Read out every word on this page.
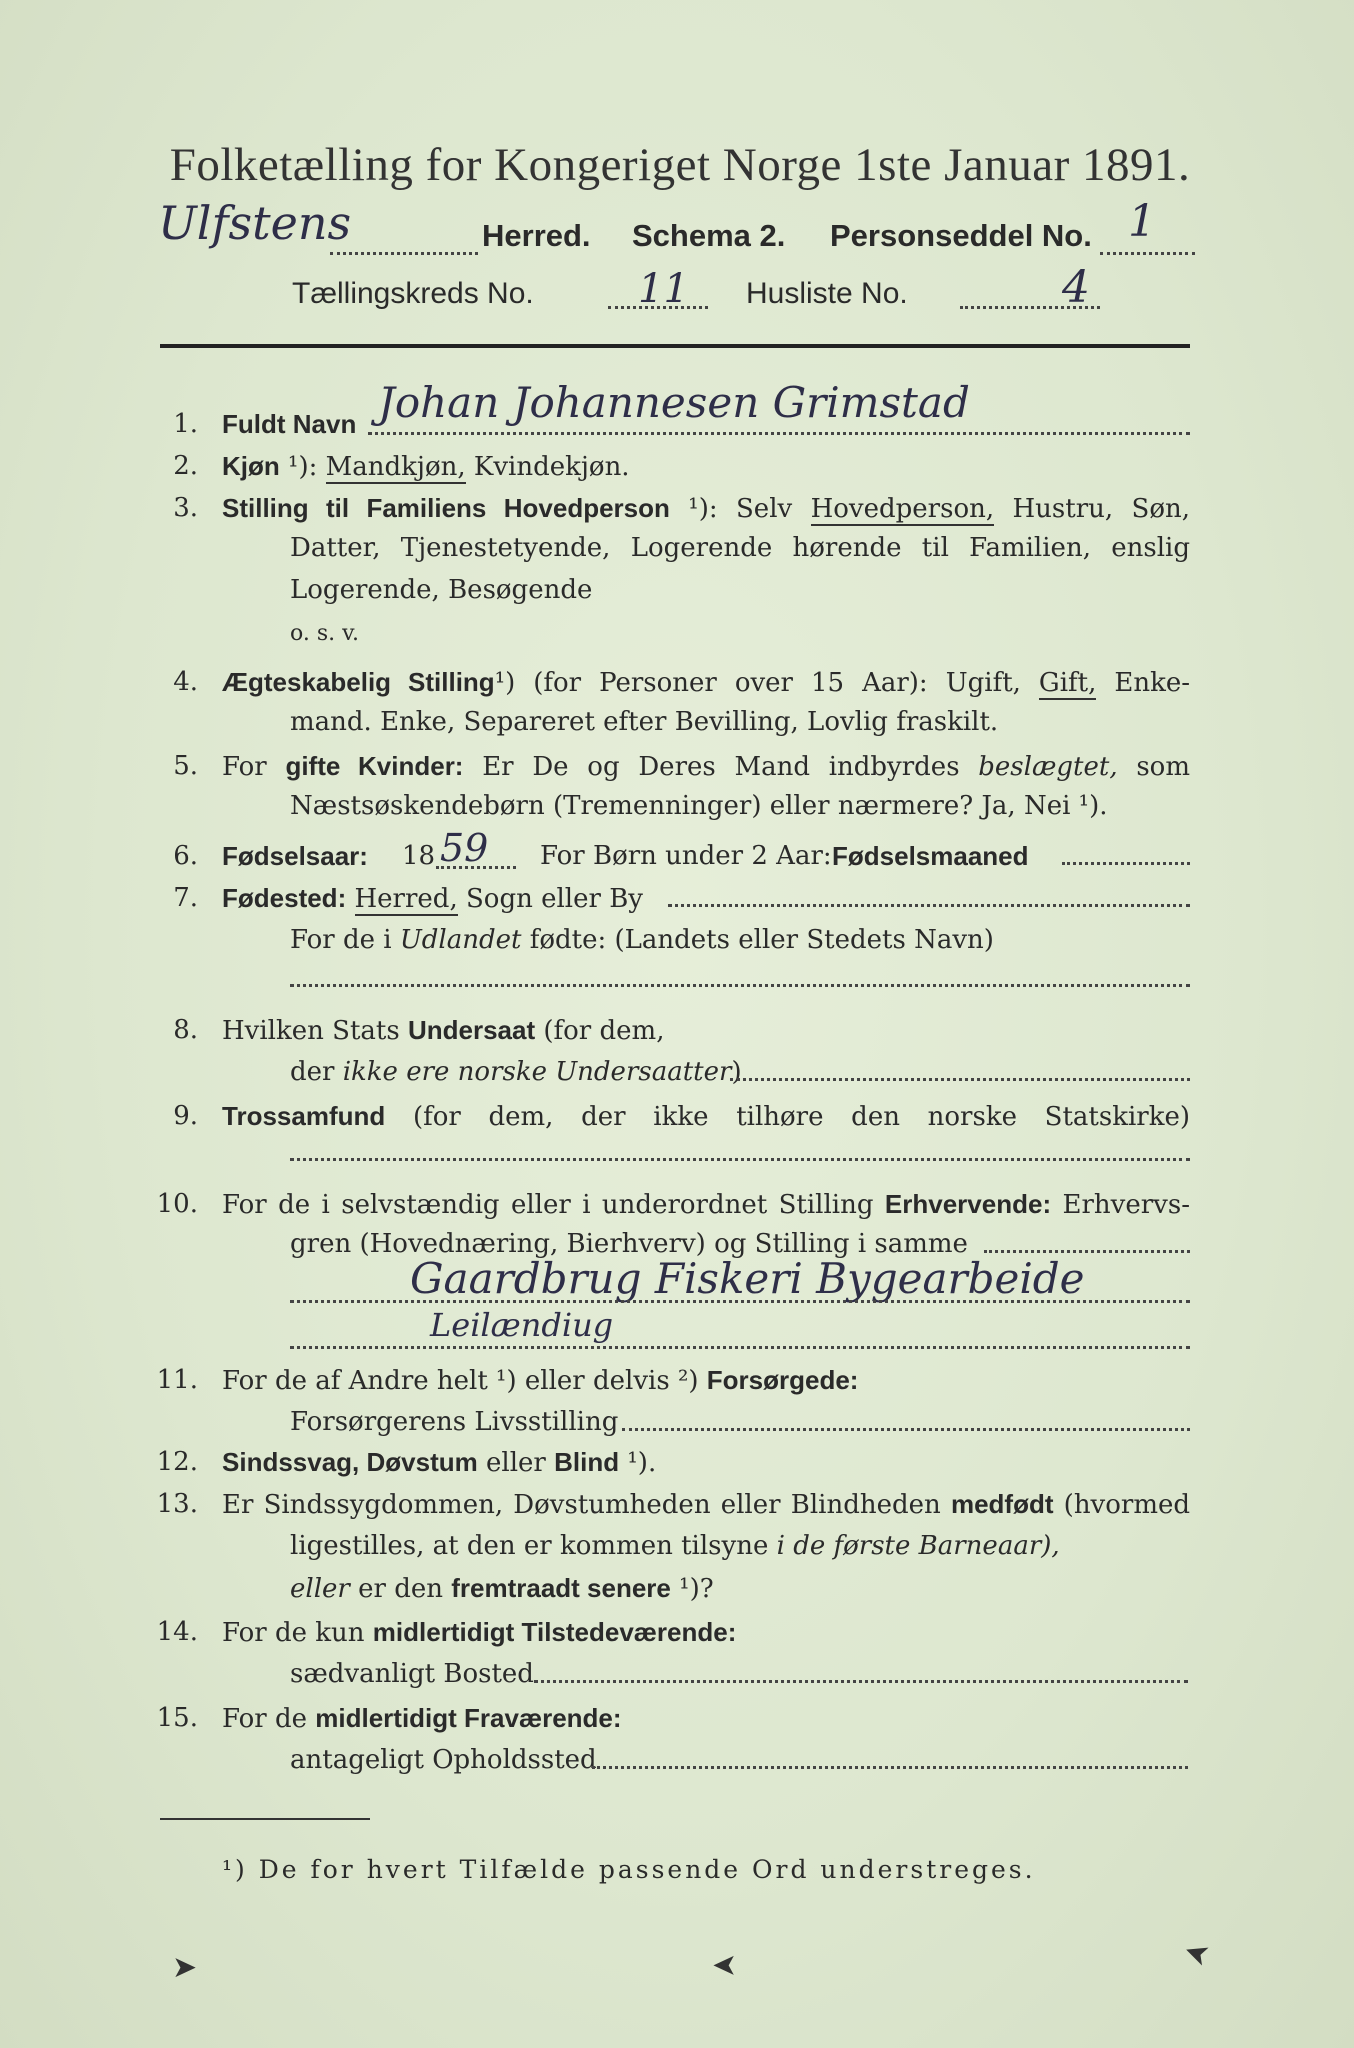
Folketælling for Kongeriget Norge 1ste Januar 1891.
Ulfstens	Herred. Schema 2. Personseddel No. 1
Tællingskreds No.	11 Husliste No.	4
1. Fuldt Navn Johan Johannesen Grimstad
2. Kjøn ¹): Mandkjøn, Kvindekjøn.
3. Stilling til Familiens Hovedperson ¹): Selv Hovedperson, Hustru, Søn,
Datter, Tjenestetyende, Logerende hørende til Familien, enslig
Logerende, Besøgende
o. s. v.
4. Ægteskabelig Stilling¹) (for Personer over 15 Aar): Ugift, Gift, Enke-
mand. Enke, Separeret efter Bevilling, Lovlig fraskilt.
5. For gifte Kvinder: Er De og Deres Mand indbyrdes beslægtet, som
Næstsøskendebørn (Tremenninger) eller nærmere? Ja, Nei ¹).
6. Fødselsaar: 18 59 For Børn under 2 Aar: Fødselsmaaned
7. Fødested: Herred, Sogn eller By
For de i Udlandet fødte: (Landets eller Stedets Navn)
8. Hvilken Stats Undersaat (for dem,
der ikke ere norske Undersaatter)
9. Trossamfund (for dem, der ikke tilhøre den norske Statskirke)
10. For de i selvstændig eller i underordnet Stilling Erhvervende: Erhvervs-
gren (Hovednæring, Bierhverv) og Stilling i samme
Gaardbrug Fiskeri Bygearbeide
Leilændiug
11. For de af Andre helt ¹) eller delvis ²) Forsørgede:
Forsørgerens Livsstilling
12. Sindssvag, Døvstum eller Blind ¹).
13. Er Sindssygdommen, Døvstumheden eller Blindheden medfødt (hvormed
ligestilles, at den er kommen tilsyne i de første Barneaar),
eller er den fremtraadt senere ¹)?
14. For de kun midlertidigt Tilstedeværende:
sædvanligt Bosted
15. For de midlertidigt Fraværende:
antageligt Opholdssted
¹) De for hvert Tilfælde passende Ord understreges.
➤	➤	➤
